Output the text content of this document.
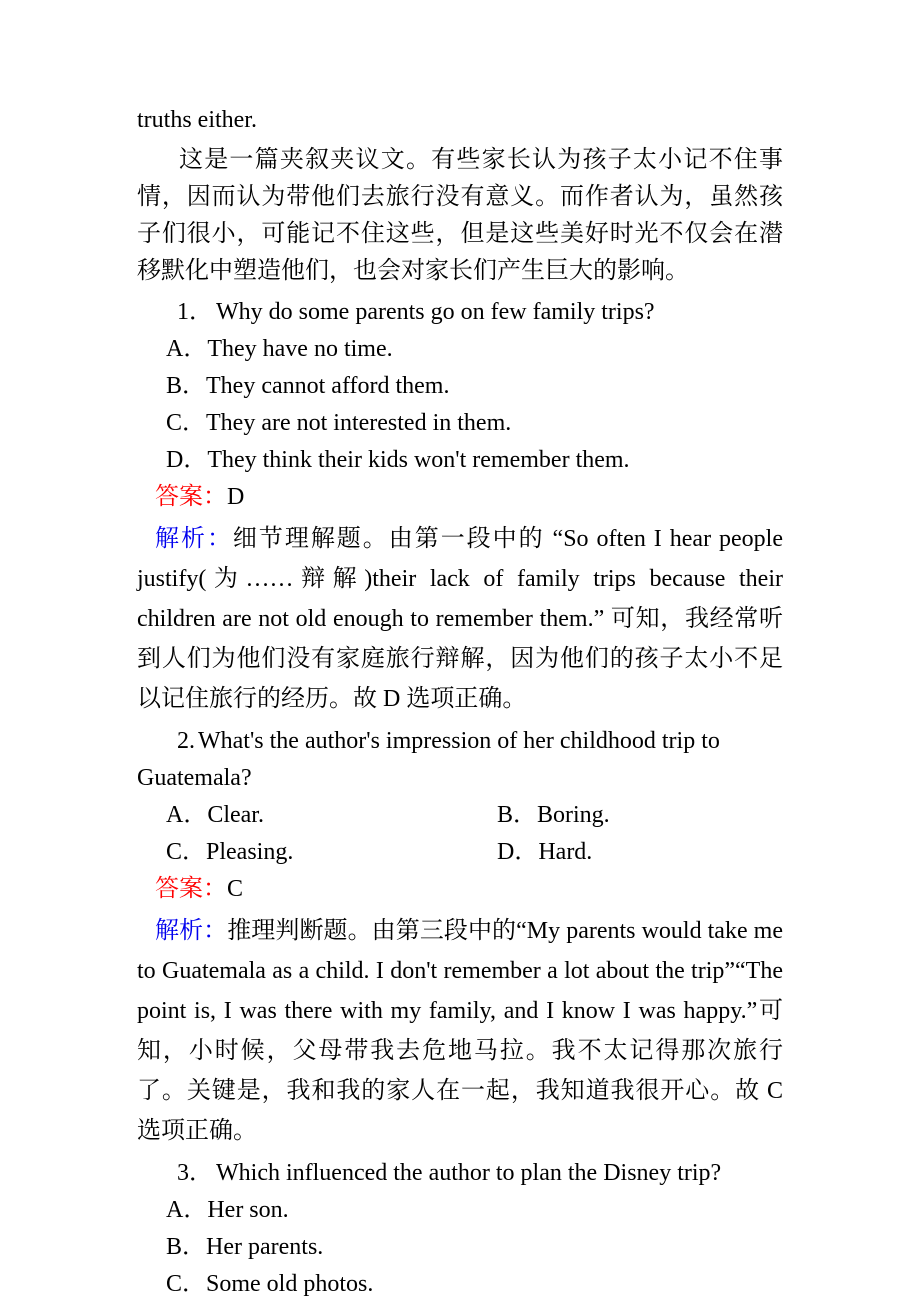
truths either.

这是一篇夹叙夹议文。有些家长认为孩子太小记不住事情，因而认为带他们去旅行没有意义。而作者认为，虽然孩子们很小，可能记不住这些，但是这些美好时光不仅会在潜移默化中塑造他们，也会对家长们产生巨大的影响。

1． Why do some parents go on few family trips?

A．They have no time.

B．They cannot afford them.

C．They are not interested in them.

D．They think their kids won't remember them.

答案：D

解析：细节理解题。由第一段中的 “So often I hear people justify(为……辩解)their lack of family trips because their children are not old enough to remember them.” 可知，我经常听到人们为他们没有家庭旅行辩解，因为他们的孩子太小不足以记住旅行的经历。故 D 选项正确。

2. What's the author's impression of her childhood trip to Guatemala?

A．Clear.	B．Boring.

C．Pleasing.	D．Hard.

答案：C

解析：推理判断题。由第三段中的“My parents would take me to Guatemala as a child. I don't remember a lot about the trip”“The point is, I was there with my family, and I know I was happy.”可知，小时候，父母带我去危地马拉。我不太记得那次旅行了。关键是，我和我的家人在一起，我知道我很开心。故 C 选项正确。

3． Which influenced the author to plan the Disney trip?

A．Her son.

B．Her parents.

C．Some old photos.
